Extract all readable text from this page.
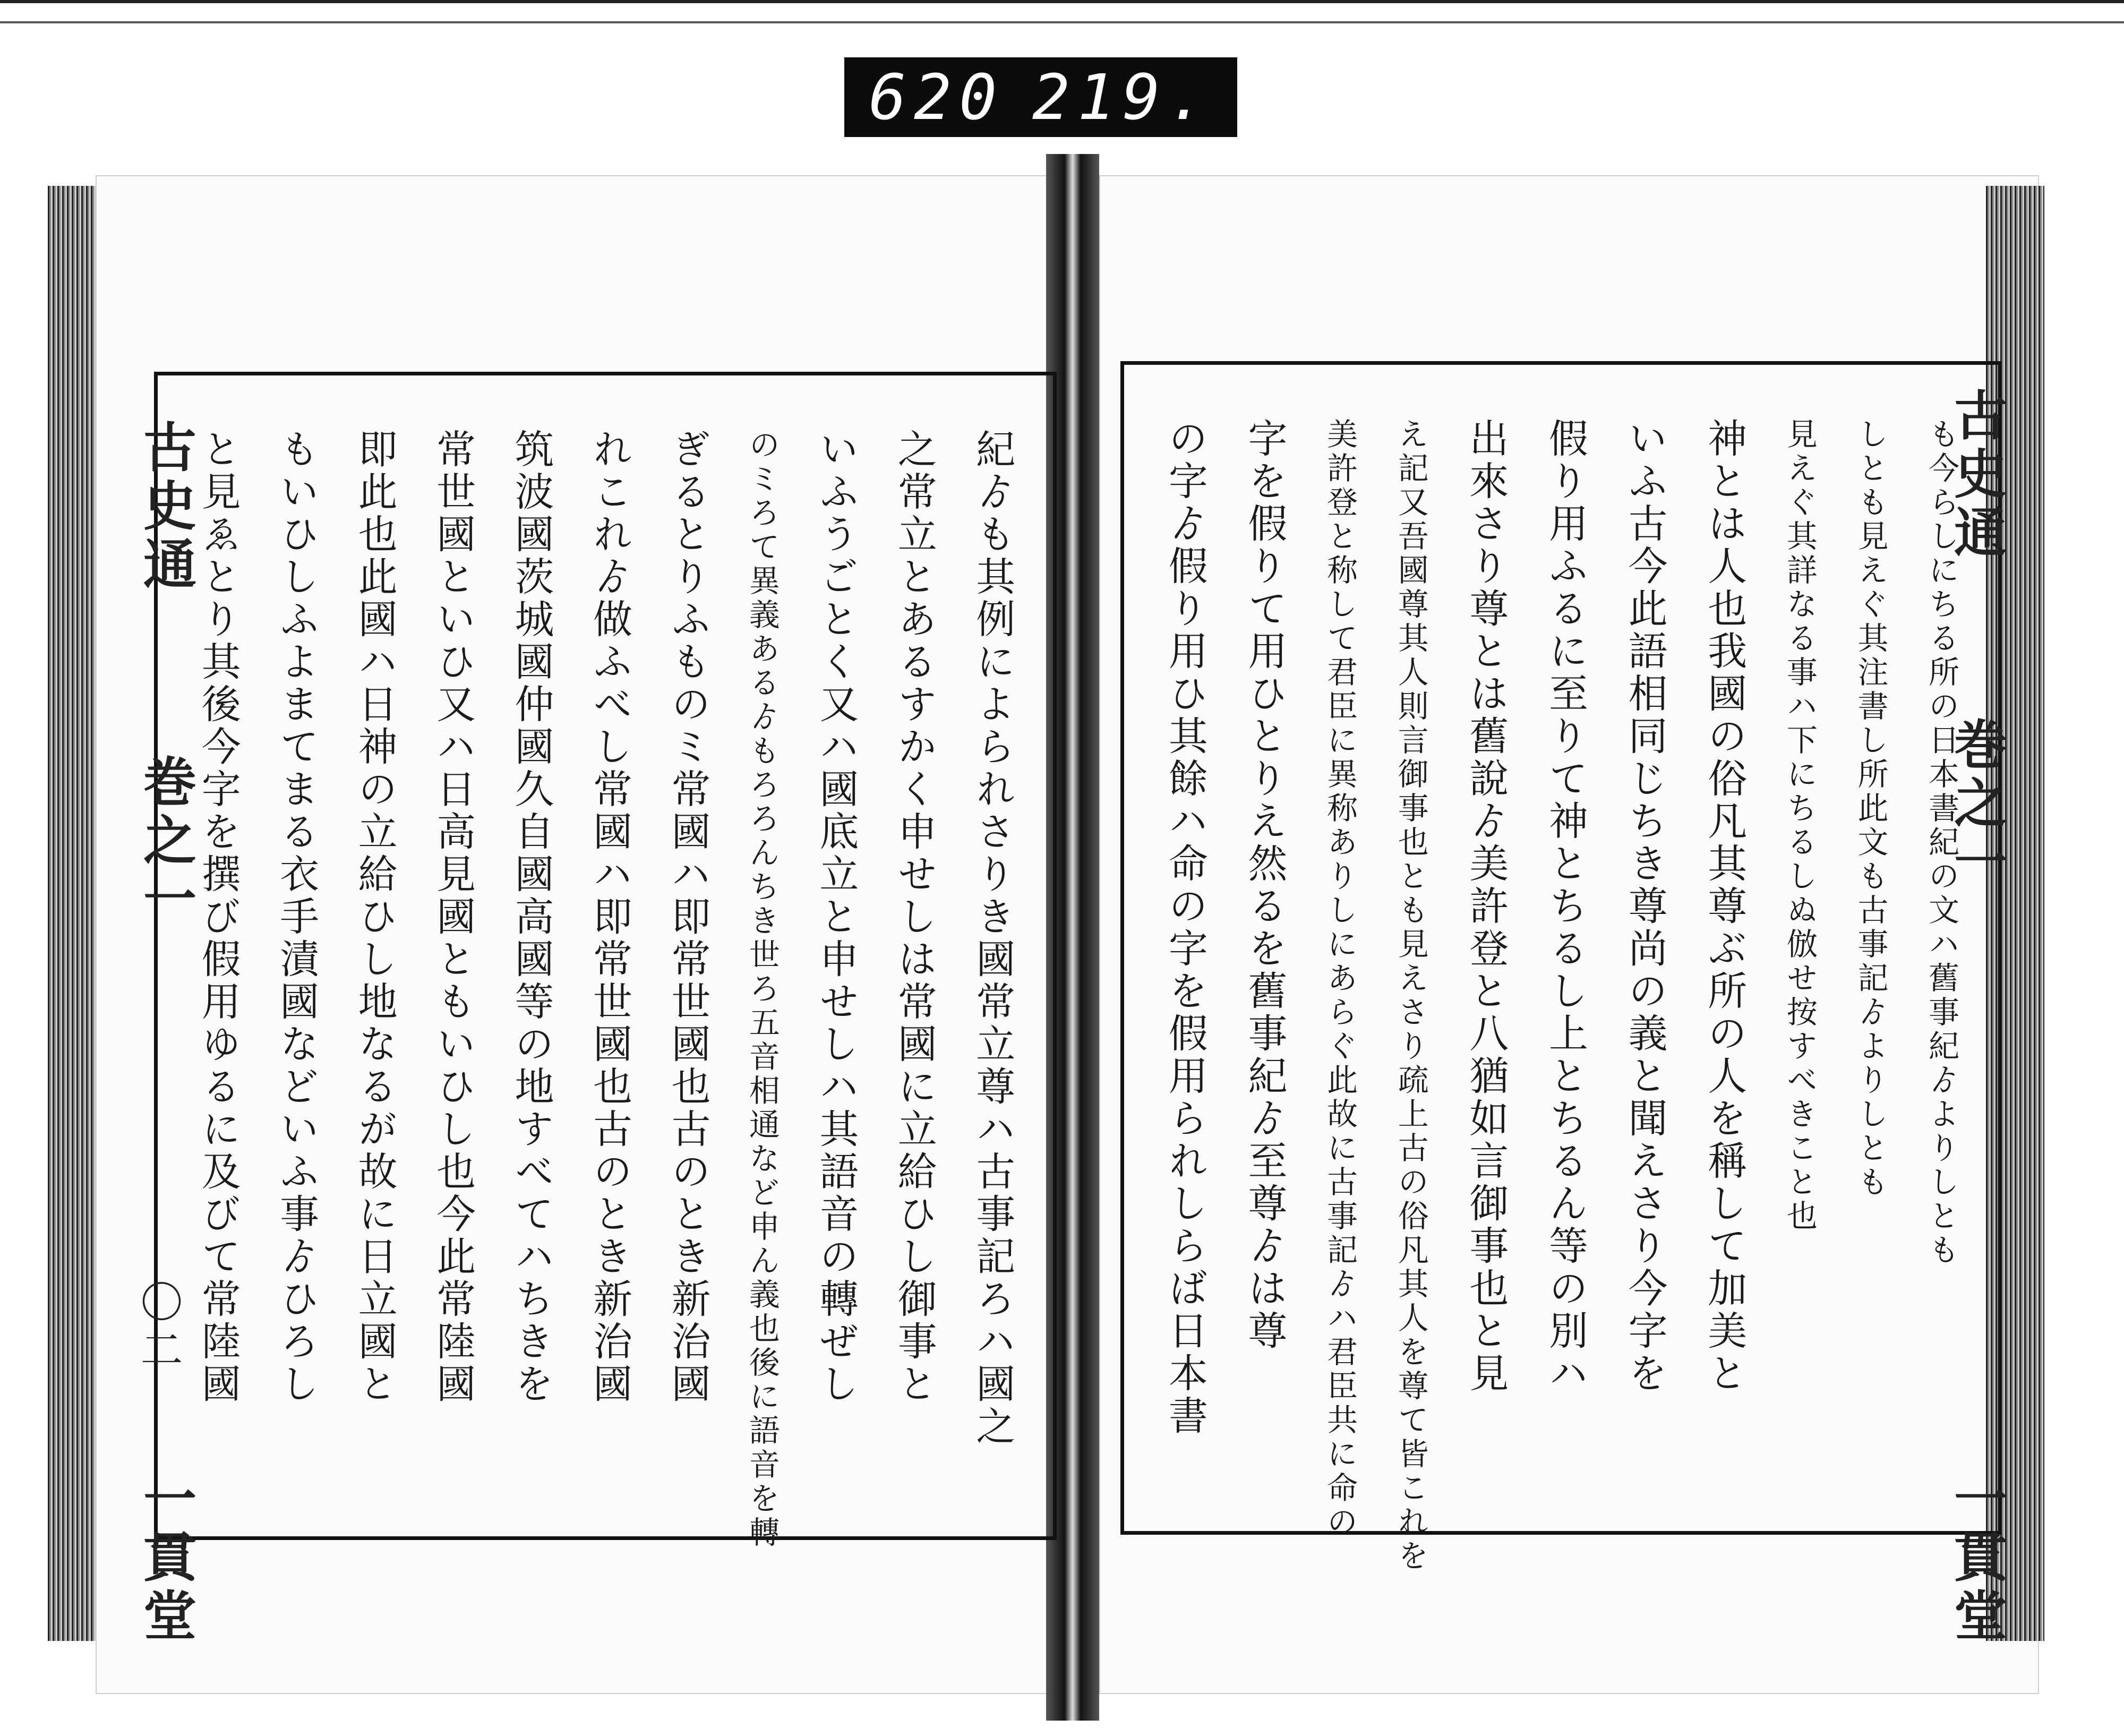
620 219.
紀ゟも其例によられさりき國常立尊ハ古事記ろハ國之
之常立とあるすかく申せしは常國に立給ひし御事と
いふうごとく又ハ國底立と申せしハ其語音の轉ぜし
のミろて異義あるゟもろろんちき世ろ五音相通など申ん義也後に語音を轉
ぎるとりふものミ常國ハ即常世國也古のとき新治國
れこれゟ做ふべし常國ハ即常世國也古のとき新治國
筑波國茨城國仲國久自國高國等の地すべてハちきを
常世國といひ又ハ日高見國ともいひし也今此常陸國
即此也此國ハ日神の立給ひし地なるが故に日立國と
もいひしふよまてまる衣手漬國などいふ事ゟひろし
と見ゑとり其後今字を撰び假用ゆるに及びて常陸國	も今らしにちる所の日本書紀の文ハ舊事紀ゟよりしとも
しとも見えぐ其注書し所此文も古事記ゟよりしとも
見えぐ其詳なる事ハ下にちるしぬ倣せ按すべきこと也
神とは人也我國の俗凡其尊ぶ所の人を稱して加美と
いふ古今此語相同じちき尊尚の義と聞えさり今字を
假り用ふるに至りて神とちるし上とちるん等の別ハ
出來さり尊とは舊說ゟ美許登と八猶如言御事也と見
え記又吾國尊其人則言御事也とも見えさり疏上古の俗凡其人を尊て皆これを
美許登と称して君臣に異称ありしにあらぐ此故に古事記ゟハ君臣共に命の
字を假りて用ひとりえ然るを舊事紀ゟ至尊ゟは尊
の字ゟ假り用ひ其餘ハ命の字を假用られしらば日本書
古史通
巻之一
〇二
一貫堂
古史通
巻之一
一貫堂
